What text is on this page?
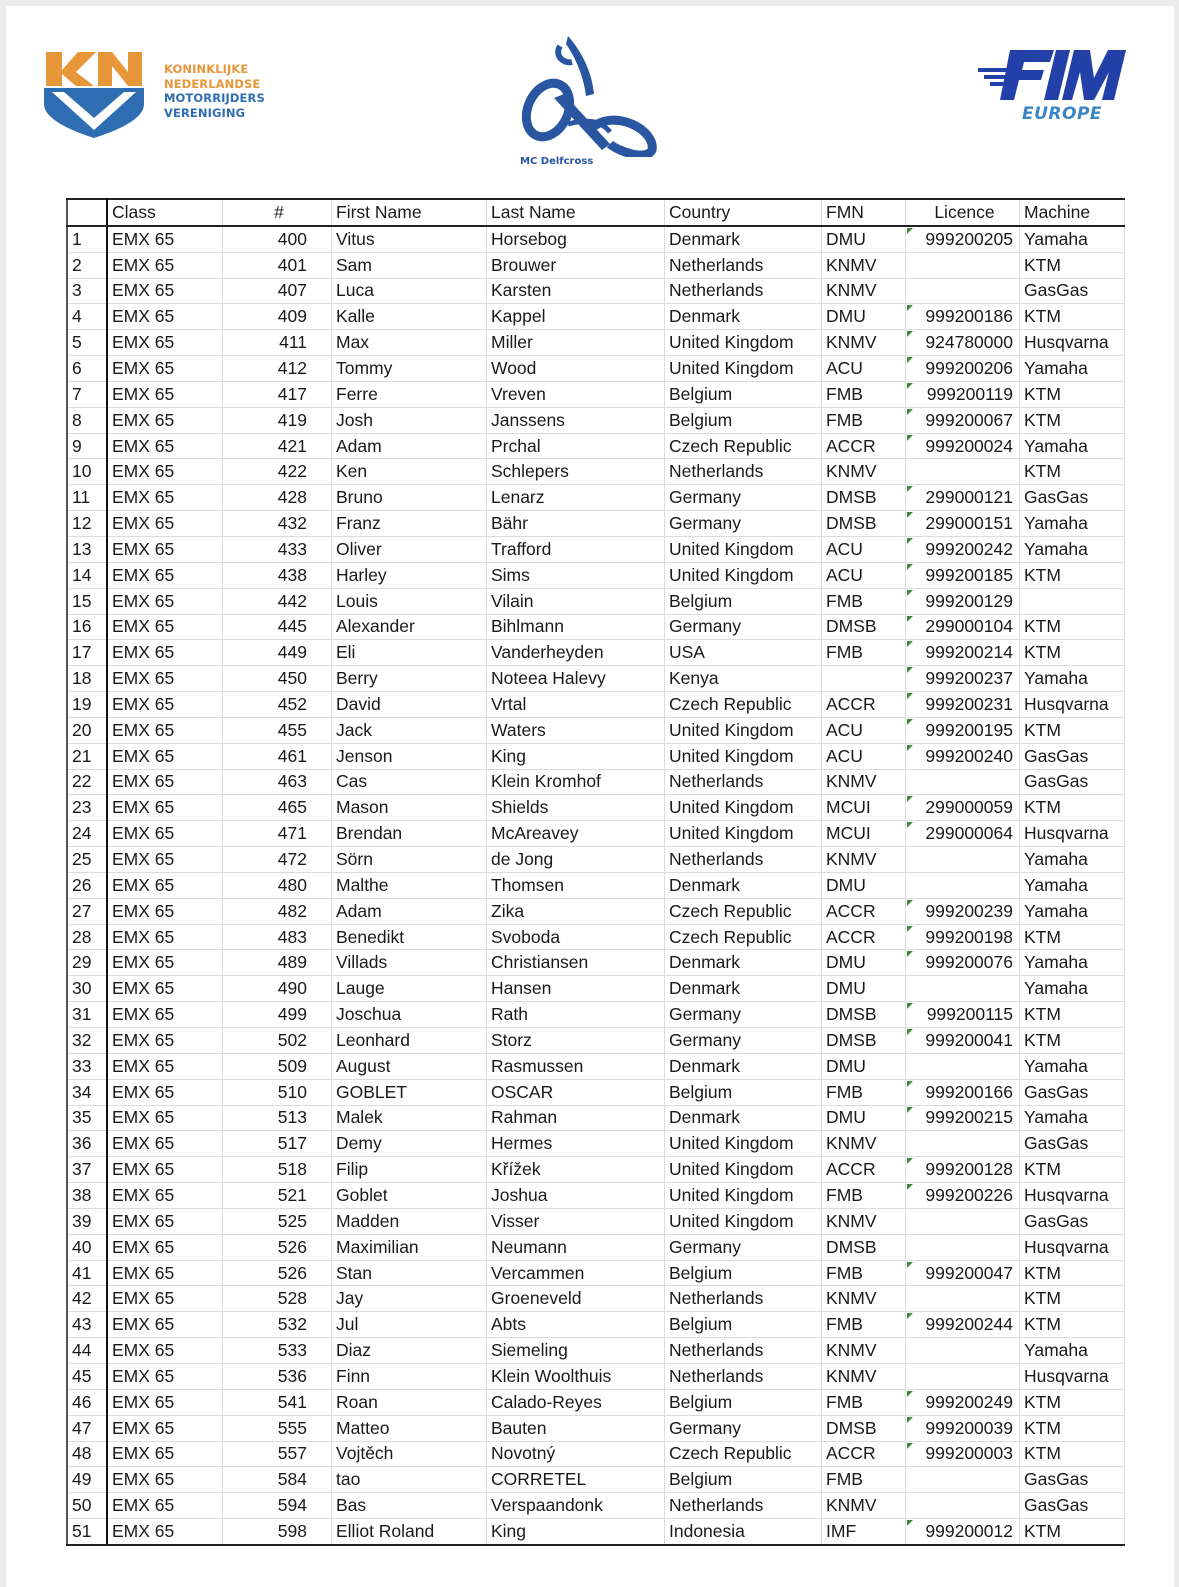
KONINKLIJKE
NEDERLANDSE
MOTORRIJDERS
VERENIGING
MC Delfcross
EUROPE
	Class	#	First Name	Last Name	Country	FMN	Licence	Machine
1	EMX 65	400	Vitus	Horsebog	Denmark	DMU	999200205	Yamaha
2	EMX 65	401	Sam	Brouwer	Netherlands	KNMV		KTM
3	EMX 65	407	Luca	Karsten	Netherlands	KNMV		GasGas
4	EMX 65	409	Kalle	Kappel	Denmark	DMU	999200186	KTM
5	EMX 65	411	Max	Miller	United Kingdom	KNMV	924780000	Husqvarna
6	EMX 65	412	Tommy	Wood	United Kingdom	ACU	999200206	Yamaha
7	EMX 65	417	Ferre	Vreven	Belgium	FMB	999200119	KTM
8	EMX 65	419	Josh	Janssens	Belgium	FMB	999200067	KTM
9	EMX 65	421	Adam	Prchal	Czech Republic	ACCR	999200024	Yamaha
10	EMX 65	422	Ken	Schlepers	Netherlands	KNMV		KTM
11	EMX 65	428	Bruno	Lenarz	Germany	DMSB	299000121	GasGas
12	EMX 65	432	Franz	Bähr	Germany	DMSB	299000151	Yamaha
13	EMX 65	433	Oliver	Trafford	United Kingdom	ACU	999200242	Yamaha
14	EMX 65	438	Harley	Sims	United Kingdom	ACU	999200185	KTM
15	EMX 65	442	Louis	Vilain	Belgium	FMB	999200129	
16	EMX 65	445	Alexander	Bihlmann	Germany	DMSB	299000104	KTM
17	EMX 65	449	Eli	Vanderheyden	USA	FMB	999200214	KTM
18	EMX 65	450	Berry	Noteea Halevy	Kenya		999200237	Yamaha
19	EMX 65	452	David	Vrtal	Czech Republic	ACCR	999200231	Husqvarna
20	EMX 65	455	Jack	Waters	United Kingdom	ACU	999200195	KTM
21	EMX 65	461	Jenson	King	United Kingdom	ACU	999200240	GasGas
22	EMX 65	463	Cas	Klein Kromhof	Netherlands	KNMV		GasGas
23	EMX 65	465	Mason	Shields	United Kingdom	MCUI	299000059	KTM
24	EMX 65	471	Brendan	McAreavey	United Kingdom	MCUI	299000064	Husqvarna
25	EMX 65	472	Sörn	de Jong	Netherlands	KNMV		Yamaha
26	EMX 65	480	Malthe	Thomsen	Denmark	DMU		Yamaha
27	EMX 65	482	Adam	Zika	Czech Republic	ACCR	999200239	Yamaha
28	EMX 65	483	Benedikt	Svoboda	Czech Republic	ACCR	999200198	KTM
29	EMX 65	489	Villads	Christiansen	Denmark	DMU	999200076	Yamaha
30	EMX 65	490	Lauge	Hansen	Denmark	DMU		Yamaha
31	EMX 65	499	Joschua	Rath	Germany	DMSB	999200115	KTM
32	EMX 65	502	Leonhard	Storz	Germany	DMSB	999200041	KTM
33	EMX 65	509	August	Rasmussen	Denmark	DMU		Yamaha
34	EMX 65	510	GOBLET	OSCAR	Belgium	FMB	999200166	GasGas
35	EMX 65	513	Malek	Rahman	Denmark	DMU	999200215	Yamaha
36	EMX 65	517	Demy	Hermes	United Kingdom	KNMV		GasGas
37	EMX 65	518	Filip	Křížek	United Kingdom	ACCR	999200128	KTM
38	EMX 65	521	Goblet	Joshua	United Kingdom	FMB	999200226	Husqvarna
39	EMX 65	525	Madden	Visser	United Kingdom	KNMV		GasGas
40	EMX 65	526	Maximilian	Neumann	Germany	DMSB		Husqvarna
41	EMX 65	526	Stan	Vercammen	Belgium	FMB	999200047	KTM
42	EMX 65	528	Jay	Groeneveld	Netherlands	KNMV		KTM
43	EMX 65	532	Jul	Abts	Belgium	FMB	999200244	KTM
44	EMX 65	533	Diaz	Siemeling	Netherlands	KNMV		Yamaha
45	EMX 65	536	Finn	Klein Woolthuis	Netherlands	KNMV		Husqvarna
46	EMX 65	541	Roan	Calado-Reyes	Belgium	FMB	999200249	KTM
47	EMX 65	555	Matteo	Bauten	Germany	DMSB	999200039	KTM
48	EMX 65	557	Vojtěch	Novotný	Czech Republic	ACCR	999200003	KTM
49	EMX 65	584	tao	CORRETEL	Belgium	FMB		GasGas
50	EMX 65	594	Bas	Verspaandonk	Netherlands	KNMV		GasGas
51	EMX 65	598	Elliot Roland	King	Indonesia	IMF	999200012	KTM
